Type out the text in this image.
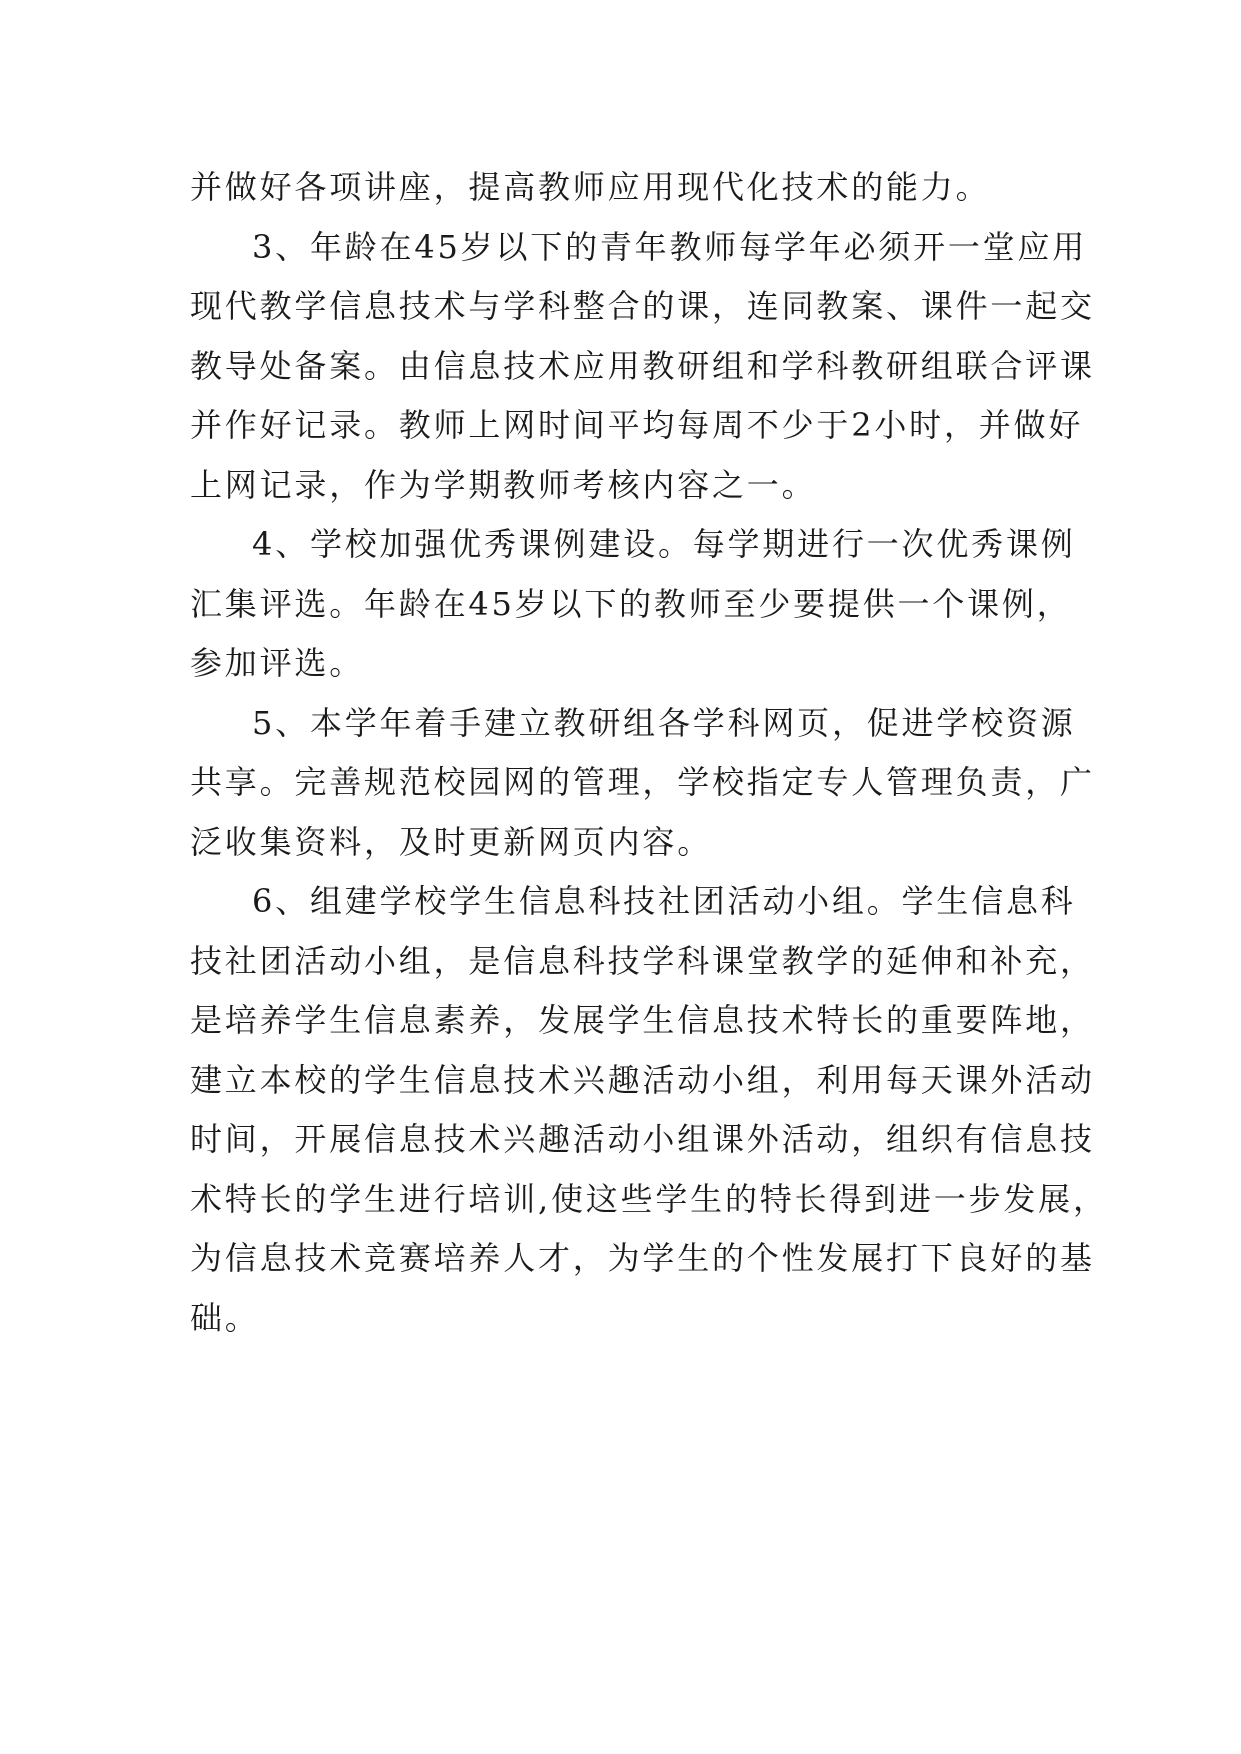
并做好各项讲座，提高教师应用现代化技术的能力。
3、年龄在45岁以下的青年教师每学年必须开一堂应用
现代教学信息技术与学科整合的课，连同教案、课件一起交
教导处备案。由信息技术应用教研组和学科教研组联合评课
并作好记录。教师上网时间平均每周不少于2小时，并做好
上网记录，作为学期教师考核内容之一。
4、学校加强优秀课例建设。每学期进行一次优秀课例
汇集评选。年龄在45岁以下的教师至少要提供一个课例，
参加评选。
5、本学年着手建立教研组各学科网页，促进学校资源
共享。完善规范校园网的管理，学校指定专人管理负责，广
泛收集资料，及时更新网页内容。
6、组建学校学生信息科技社团活动小组。学生信息科
技社团活动小组，是信息科技学科课堂教学的延伸和补充，
是培养学生信息素养，发展学生信息技术特长的重要阵地，
建立本校的学生信息技术兴趣活动小组，利用每天课外活动
时间，开展信息技术兴趣活动小组课外活动，组织有信息技
术特长的学生进行培训,使这些学生的特长得到进一步发展，
为信息技术竞赛培养人才，为学生的个性发展打下良好的基
础。
